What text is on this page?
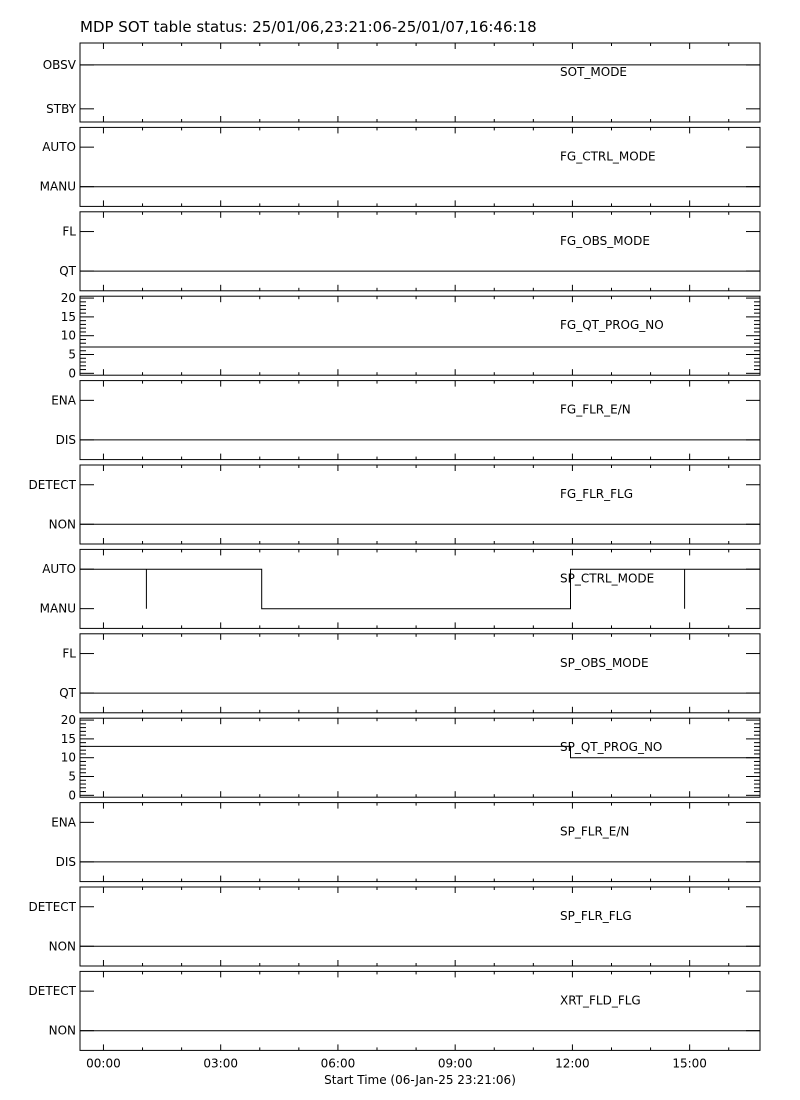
MDP SOT table status: 25/01/06,23:21:06-25/01/07,16:46:18
OBSV
STBY
SOT_MODE
AUTO
MANU
FG_CTRL_MODE
FL
QT
FG_OBS_MODE
20
15
10
5
0
FG_QT_PROG_NO
ENA
DIS
FG_FLR_E/N
DETECT
NON
FG_FLR_FLG
AUTO
MANU
SP_CTRL_MODE
FL
QT
SP_OBS_MODE
20
15
10
5
0
SP_QT_PROG_NO
ENA
DIS
SP_FLR_E/N
DETECT
NON
SP_FLR_FLG
DETECT
NON
XRT_FLD_FLG
00:00	03:00	06:00	09:00	12:00	15:00
Start Time (06-Jan-25 23:21:06)
